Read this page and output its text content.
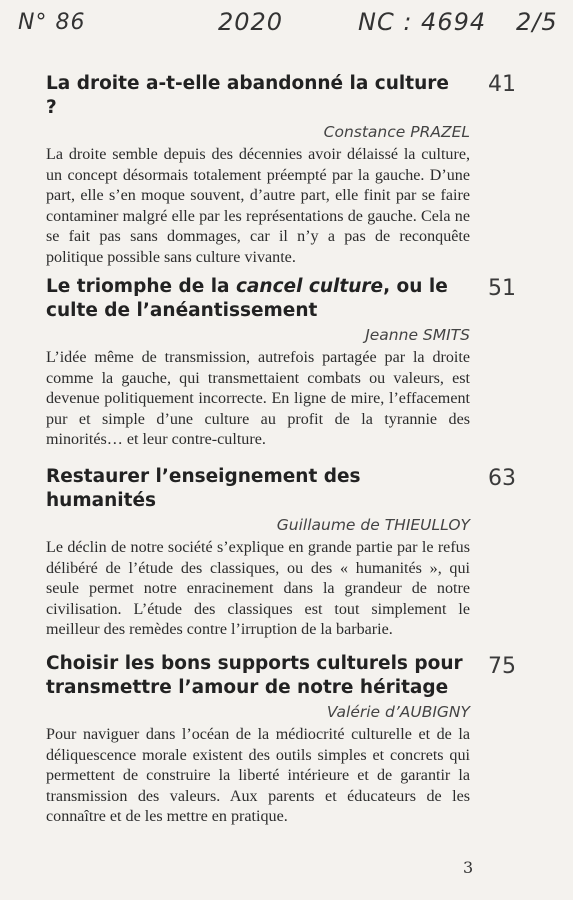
N° 86	2020	NC : 4694 2/5
La droite a-t-elle abandonné la culture ?
Constance PRAZEL
La droite semble depuis des décennies avoir délaissé la culture, un concept désormais totalement préempté par la gauche. D’une part, elle s’en moque souvent, d’autre part, elle finit par se faire contaminer malgré elle par les représentations de gauche. Cela ne se fait pas sans dommages, car il n’y a pas de reconquête politique possible sans culture vivante.
41
Le triomphe de la cancel culture, ou le culte de l’anéantissement
Jeanne SMITS
L’idée même de transmission, autrefois partagée par la droite comme la gauche, qui transmettaient combats ou valeurs, est devenue politiquement incorrecte. En ligne de mire, l’effacement pur et simple d’une culture au profit de la tyrannie des minorités… et leur contre-culture.
51
Restaurer l’enseignement des humanités
Guillaume de THIEULLOY
Le déclin de notre société s’explique en grande partie par le refus délibéré de l’étude des classiques, ou des « humanités », qui seule permet notre enracinement dans la grandeur de notre civilisation. L’étude des classiques est tout simplement le meilleur des remèdes contre l’irruption de la barbarie.
63
Choisir les bons supports culturels pour transmettre l’amour de notre héritage
Valérie d’AUBIGNY
Pour naviguer dans l’océan de la médiocrité culturelle et de la déliquescence morale existent des outils simples et concrets qui permettent de construire la liberté intérieure et de garantir la transmission des valeurs. Aux parents et éducateurs de les connaître et de les mettre en pratique.
75
3
